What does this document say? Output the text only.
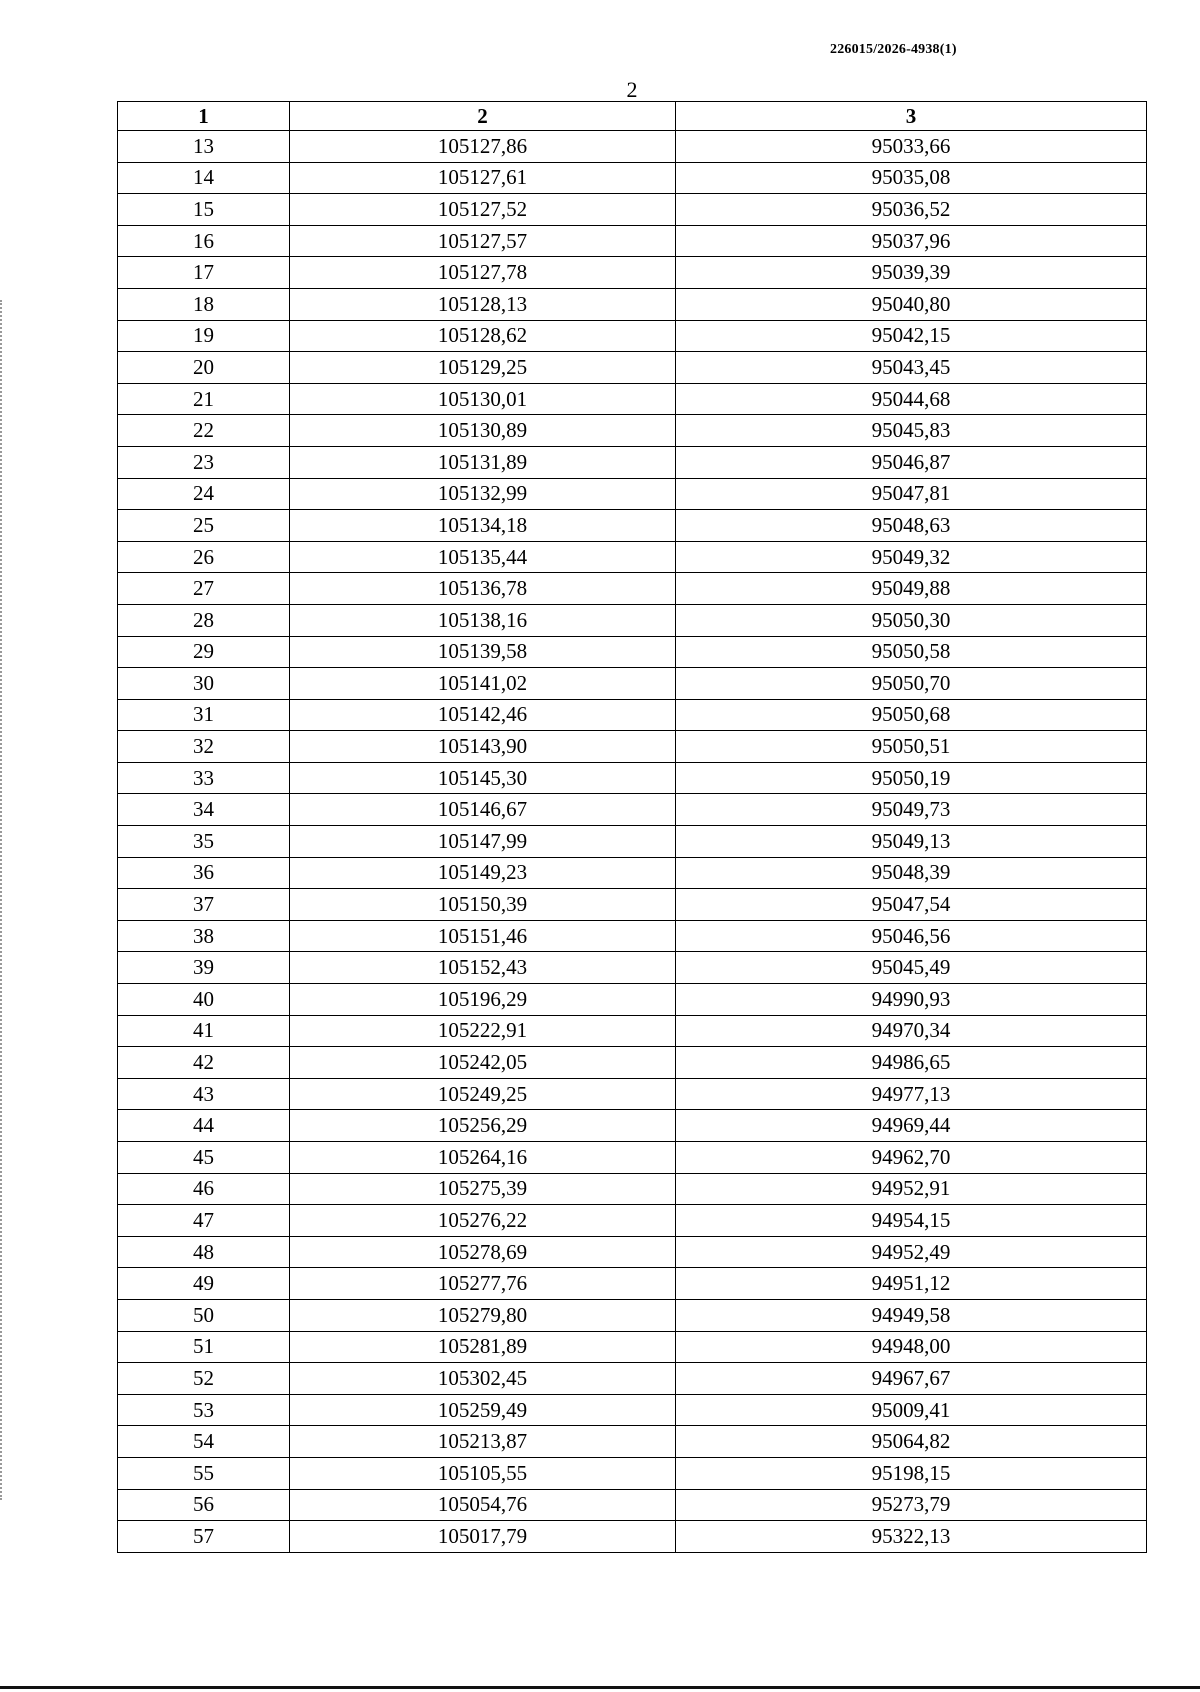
226015/2026-4938(1)
2
1	2	3
13	105127,86	95033,66
14	105127,61	95035,08
15	105127,52	95036,52
16	105127,57	95037,96
17	105127,78	95039,39
18	105128,13	95040,80
19	105128,62	95042,15
20	105129,25	95043,45
21	105130,01	95044,68
22	105130,89	95045,83
23	105131,89	95046,87
24	105132,99	95047,81
25	105134,18	95048,63
26	105135,44	95049,32
27	105136,78	95049,88
28	105138,16	95050,30
29	105139,58	95050,58
30	105141,02	95050,70
31	105142,46	95050,68
32	105143,90	95050,51
33	105145,30	95050,19
34	105146,67	95049,73
35	105147,99	95049,13
36	105149,23	95048,39
37	105150,39	95047,54
38	105151,46	95046,56
39	105152,43	95045,49
40	105196,29	94990,93
41	105222,91	94970,34
42	105242,05	94986,65
43	105249,25	94977,13
44	105256,29	94969,44
45	105264,16	94962,70
46	105275,39	94952,91
47	105276,22	94954,15
48	105278,69	94952,49
49	105277,76	94951,12
50	105279,80	94949,58
51	105281,89	94948,00
52	105302,45	94967,67
53	105259,49	95009,41
54	105213,87	95064,82
55	105105,55	95198,15
56	105054,76	95273,79
57	105017,79	95322,13
